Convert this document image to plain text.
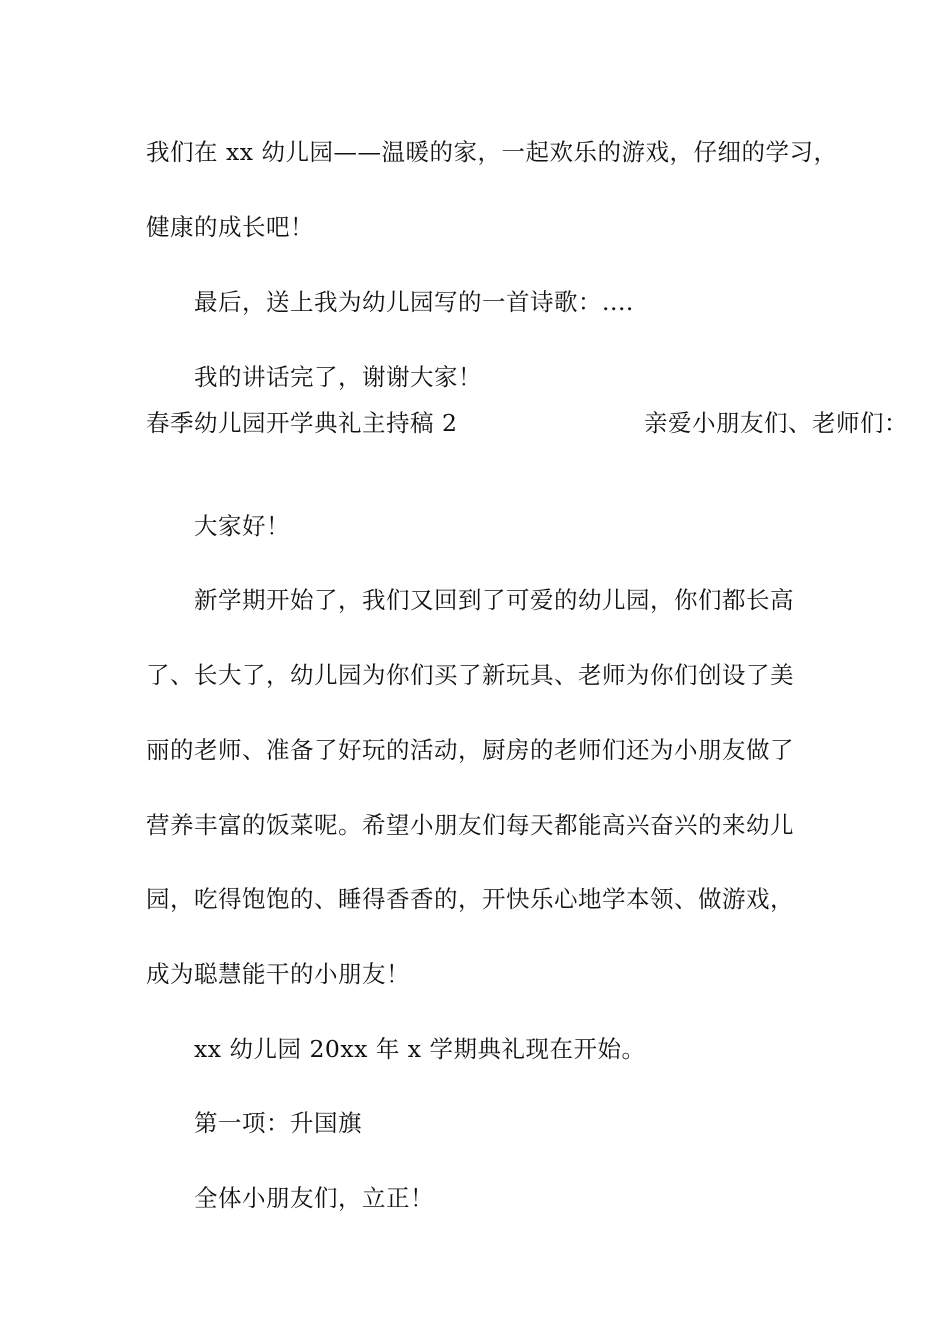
我们在 xx 幼儿园——温暖的家，一起欢乐的游戏，仔细的学习，
健康的成长吧！
最后，送上我为幼儿园写的一首诗歌：....
我的讲话完了，谢谢大家！
春季幼儿园开学典礼主持稿 2	亲爱小朋友们、老师们：
大家好！
新学期开始了，我们又回到了可爱的幼儿园，你们都长高
了、长大了，幼儿园为你们买了新玩具、老师为你们创设了美
丽的老师、准备了好玩的活动，厨房的老师们还为小朋友做了
营养丰富的饭菜呢。希望小朋友们每天都能高兴奋兴的来幼儿
园，吃得饱饱的、睡得香香的，开快乐心地学本领、做游戏，
成为聪慧能干的小朋友！
xx 幼儿园 20xx 年 x 学期典礼现在开始。
第一项：升国旗
全体小朋友们，立正！
